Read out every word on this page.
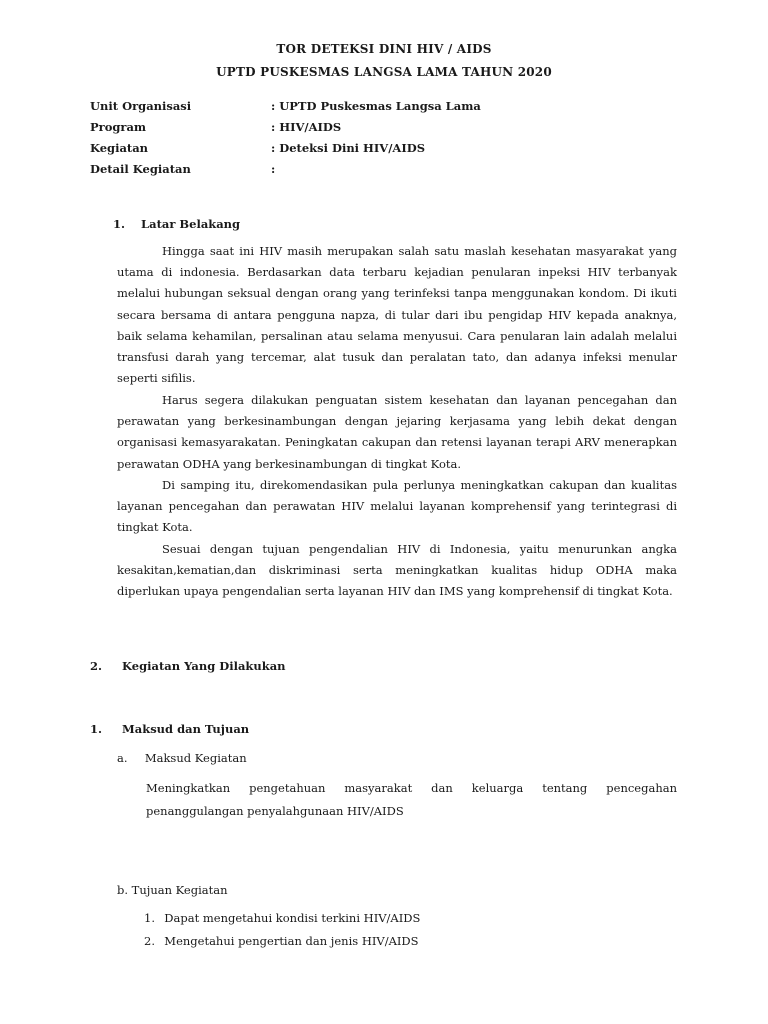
TOR DETEKSI DINI HIV / AIDS
UPTD PUSKESMAS LANGSA LAMA TAHUN 2020
Unit Organisasi	: UPTD Puskesmas Langsa Lama
Program	: HIV/AIDS
Kegiatan	: Deteksi Dini HIV/AIDS
Detail Kegiatan	:
1. Latar Belakang
Hingga saat ini HIV masih merupakan salah satu maslah kesehatan masyarakat yang utama di indonesia. Berdasarkan data terbaru kejadian penularan inpeksi HIV terbanyak melalui hubungan seksual dengan orang yang terinfeksi tanpa menggunakan kondom. Di ikuti secara bersama di antara pengguna napza, di tular dari ibu pengidap HIV kepada anaknya, baik selama kehamilan, persalinan atau selama menyusui. Cara penularan lain adalah melalui transfusi darah yang tercemar, alat tusuk dan peralatan tato, dan adanya infeksi menular seperti sifilis.
Harus segera dilakukan penguatan sistem kesehatan dan layanan pencegahan dan perawatan yang berkesinambungan dengan jejaring kerjasama yang lebih dekat dengan organisasi kemasyarakatan. Peningkatan cakupan dan retensi layanan terapi ARV menerapkan perawatan ODHA yang berkesinambungan di tingkat Kota.
Di samping itu, direkomendasikan pula perlunya meningkatkan cakupan dan kualitas layanan pencegahan dan perawatan HIV melalui layanan komprehensif yang terintegrasi di tingkat Kota.
Sesuai dengan tujuan pengendalian HIV di Indonesia, yaitu menurunkan angka kesakitan,kematian,dan diskriminasi serta meningkatkan kualitas hidup ODHA maka diperlukan upaya pengendalian serta layanan HIV dan IMS yang komprehensif di tingkat Kota.
2. Kegiatan Yang Dilakukan
1. Maksud dan Tujuan
a. Maksud Kegiatan
Meningkatkan pengetahuan masyarakat dan keluarga tentang pencegahan
penanggulangan penyalahgunaan HIV/AIDS
b. Tujuan Kegiatan
1. Dapat mengetahui kondisi terkini HIV/AIDS
2. Mengetahui pengertian dan jenis HIV/AIDS
